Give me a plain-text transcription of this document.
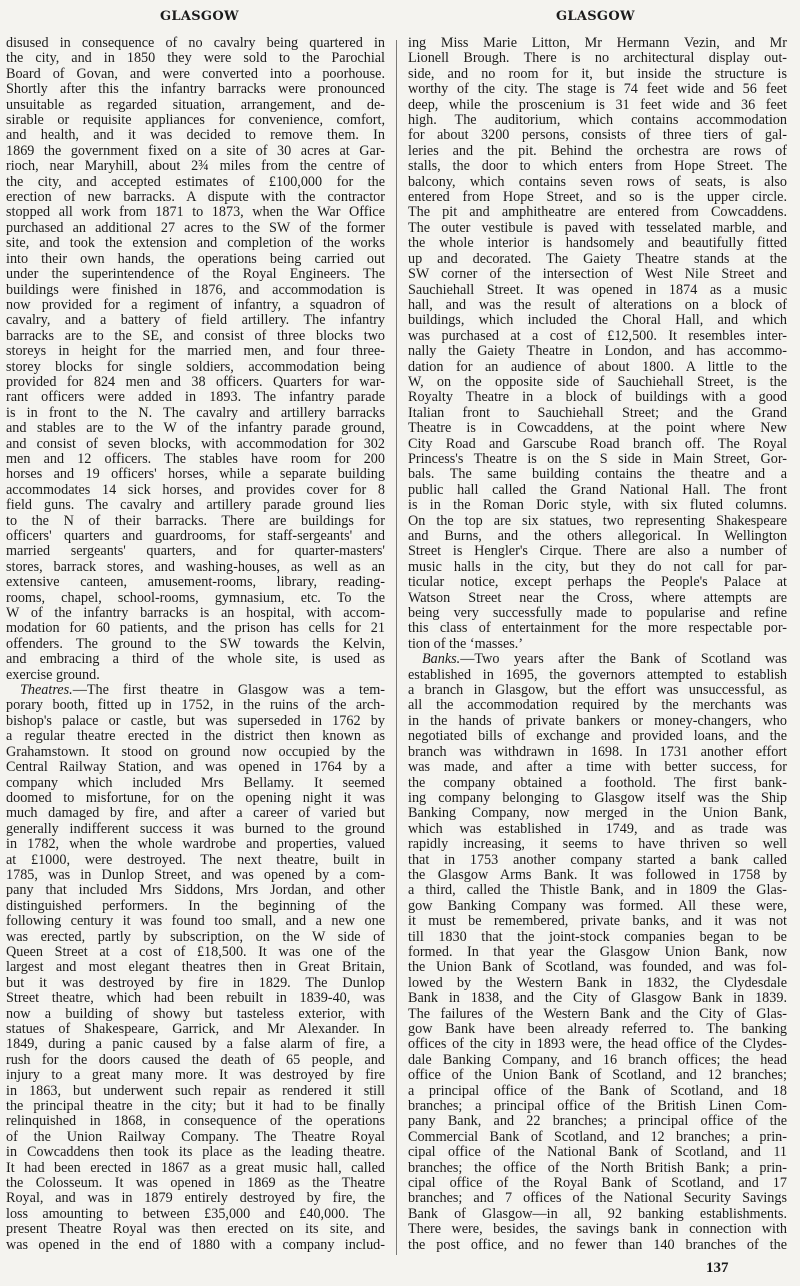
GLASGOW	GLASGOW
disused in consequence of no cavalry being quartered in
the city, and in 1850 they were sold to the Parochial
Board of Govan, and were converted into a poorhouse.
Shortly after this the infantry barracks were pronounced
unsuitable as regarded situation, arrangement, and de-
sirable or requisite appliances for convenience, comfort,
and health, and it was decided to remove them. In
1869 the government fixed on a site of 30 acres at Gar-
rioch, near Maryhill, about 2¾ miles from the centre of
the city, and accepted estimates of £100,000 for the
erection of new barracks. A dispute with the contractor
stopped all work from 1871 to 1873, when the War Office
purchased an additional 27 acres to the SW of the former
site, and took the extension and completion of the works
into their own hands, the operations being carried out
under the superintendence of the Royal Engineers. The
buildings were finished in 1876, and accommodation is
now provided for a regiment of infantry, a squadron of
cavalry, and a battery of field artillery. The infantry
barracks are to the SE, and consist of three blocks two
storeys in height for the married men, and four three-
storey blocks for single soldiers, accommodation being
provided for 824 men and 38 officers. Quarters for war-
rant officers were added in 1893. The infantry parade
is in front to the N. The cavalry and artillery barracks
and stables are to the W of the infantry parade ground,
and consist of seven blocks, with accommodation for 302
men and 12 officers. The stables have room for 200
horses and 19 officers' horses, while a separate building
accommodates 14 sick horses, and provides cover for 8
field guns. The cavalry and artillery parade ground lies
to the N of their barracks. There are buildings for
officers' quarters and guardrooms, for staff-sergeants' and
married sergeants' quarters, and for quarter-masters'
stores, barrack stores, and washing-houses, as well as an
extensive canteen, amusement-rooms, library, reading-
rooms, chapel, school-rooms, gymnasium, etc. To the
W of the infantry barracks is an hospital, with accom-
modation for 60 patients, and the prison has cells for 21
offenders. The ground to the SW towards the Kelvin,
and embracing a third of the whole site, is used as
exercise ground.
Theatres.—The first theatre in Glasgow was a tem-
porary booth, fitted up in 1752, in the ruins of the arch-
bishop's palace or castle, but was superseded in 1762 by
a regular theatre erected in the district then known as
Grahamstown. It stood on ground now occupied by the
Central Railway Station, and was opened in 1764 by a
company which included Mrs Bellamy. It seemed
doomed to misfortune, for on the opening night it was
much damaged by fire, and after a career of varied but
generally indifferent success it was burned to the ground
in 1782, when the whole wardrobe and properties, valued
at £1000, were destroyed. The next theatre, built in
1785, was in Dunlop Street, and was opened by a com-
pany that included Mrs Siddons, Mrs Jordan, and other
distinguished performers. In the beginning of the
following century it was found too small, and a new one
was erected, partly by subscription, on the W side of
Queen Street at a cost of £18,500. It was one of the
largest and most elegant theatres then in Great Britain,
but it was destroyed by fire in 1829. The Dunlop
Street theatre, which had been rebuilt in 1839-40, was
now a building of showy but tasteless exterior, with
statues of Shakespeare, Garrick, and Mr Alexander. In
1849, during a panic caused by a false alarm of fire, a
rush for the doors caused the death of 65 people, and
injury to a great many more. It was destroyed by fire
in 1863, but underwent such repair as rendered it still
the principal theatre in the city; but it had to be finally
relinquished in 1868, in consequence of the operations
of the Union Railway Company. The Theatre Royal
in Cowcaddens then took its place as the leading theatre.
It had been erected in 1867 as a great music hall, called
the Colosseum. It was opened in 1869 as the Theatre
Royal, and was in 1879 entirely destroyed by fire, the
loss amounting to between £35,000 and £40,000. The
present Theatre Royal was then erected on its site, and
was opened in the end of 1880 with a company includ-
ing Miss Marie Litton, Mr Hermann Vezin, and Mr
Lionell Brough. There is no architectural display out-
side, and no room for it, but inside the structure is
worthy of the city. The stage is 74 feet wide and 56 feet
deep, while the proscenium is 31 feet wide and 36 feet
high. The auditorium, which contains accommodation
for about 3200 persons, consists of three tiers of gal-
leries and the pit. Behind the orchestra are rows of
stalls, the door to which enters from Hope Street. The
balcony, which contains seven rows of seats, is also
entered from Hope Street, and so is the upper circle.
The pit and amphitheatre are entered from Cowcaddens.
The outer vestibule is paved with tesselated marble, and
the whole interior is handsomely and beautifully fitted
up and decorated. The Gaiety Theatre stands at the
SW corner of the intersection of West Nile Street and
Sauchiehall Street. It was opened in 1874 as a music
hall, and was the result of alterations on a block of
buildings, which included the Choral Hall, and which
was purchased at a cost of £12,500. It resembles inter-
nally the Gaiety Theatre in London, and has accommo-
dation for an audience of about 1800. A little to the
W, on the opposite side of Sauchiehall Street, is the
Royalty Theatre in a block of buildings with a good
Italian front to Sauchiehall Street; and the Grand
Theatre is in Cowcaddens, at the point where New
City Road and Garscube Road branch off. The Royal
Princess's Theatre is on the S side in Main Street, Gor-
bals. The same building contains the theatre and a
public hall called the Grand National Hall. The front
is in the Roman Doric style, with six fluted columns.
On the top are six statues, two representing Shakespeare
and Burns, and the others allegorical. In Wellington
Street is Hengler's Cirque. There are also a number of
music halls in the city, but they do not call for par-
ticular notice, except perhaps the People's Palace at
Watson Street near the Cross, where attempts are
being very successfully made to popularise and refine
this class of entertainment for the more respectable por-
tion of the ‘masses.’
Banks.—Two years after the Bank of Scotland was
established in 1695, the governors attempted to establish
a branch in Glasgow, but the effort was unsuccessful, as
all the accommodation required by the merchants was
in the hands of private bankers or money-changers, who
negotiated bills of exchange and provided loans, and the
branch was withdrawn in 1698. In 1731 another effort
was made, and after a time with better success, for
the company obtained a foothold. The first bank-
ing company belonging to Glasgow itself was the Ship
Banking Company, now merged in the Union Bank,
which was established in 1749, and as trade was
rapidly increasing, it seems to have thriven so well
that in 1753 another company started a bank called
the Glasgow Arms Bank. It was followed in 1758 by
a third, called the Thistle Bank, and in 1809 the Glas-
gow Banking Company was formed. All these were,
it must be remembered, private banks, and it was not
till 1830 that the joint-stock companies began to be
formed. In that year the Glasgow Union Bank, now
the Union Bank of Scotland, was founded, and was fol-
lowed by the Western Bank in 1832, the Clydesdale
Bank in 1838, and the City of Glasgow Bank in 1839.
The failures of the Western Bank and the City of Glas-
gow Bank have been already referred to. The banking
offices of the city in 1893 were, the head office of the Clydes-
dale Banking Company, and 16 branch offices; the head
office of the Union Bank of Scotland, and 12 branches;
a principal office of the Bank of Scotland, and 18
branches; a principal office of the British Linen Com-
pany Bank, and 22 branches; a principal office of the
Commercial Bank of Scotland, and 12 branches; a prin-
cipal office of the National Bank of Scotland, and 11
branches; the office of the North British Bank; a prin-
cipal office of the Royal Bank of Scotland, and 17
branches; and 7 offices of the National Security Savings
Bank of Glasgow—in all, 92 banking establishments.
There were, besides, the savings bank in connection with
the post office, and no fewer than 140 branches of the
137
